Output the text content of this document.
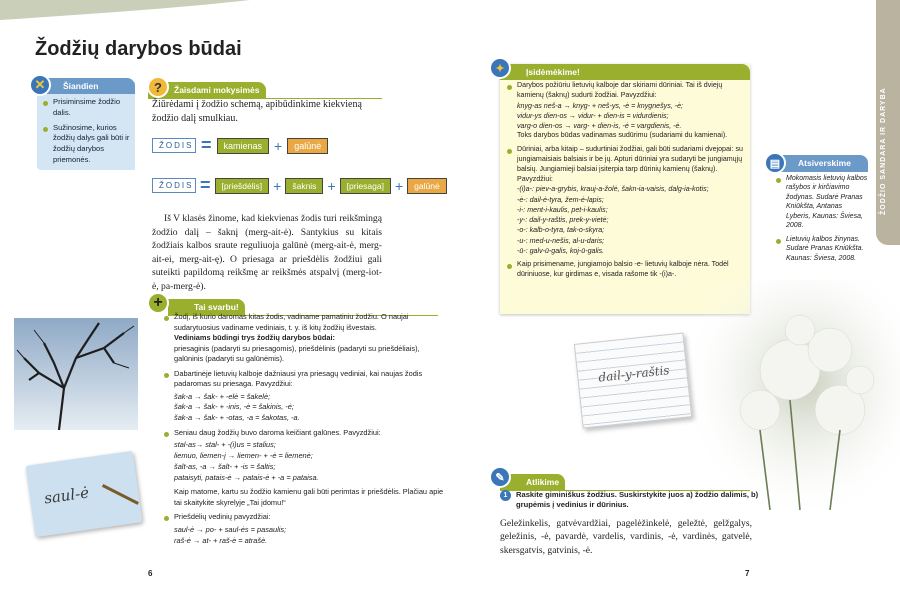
Žodžių darybos būdai
Šiandien
Prisiminsime žodžio dalis.
Sužinosime, kurios žodžių dalys gali būti ir žodžių darybos priemonės.
✕	Žaisdami mokysimės
?
Žiūrėdami į žodžio schemą, apibūdinkime kiekvieną žodžio dalį smulkiau.
ŽODIS =	kamienas +	galūnė
ŽODIS =	[priešdėlis] +	šaknis +	[priesaga] +	galūnė
Iš V klasės žinome, kad kiekvienas žodis turi reikšmingą žodžio dalį – šaknį (merg-ait-ė). Santykius su kitais žodžiais kalbos sraute reguliuoja galūnė (merg-ait-ė, merg-ait-ei, merg-ait-ę). O priesaga ar priešdėlis žodžiui gali suteikti papildomą reikšmę ar reikšmės atspalvį (merg-iot-ė, pa-merg-ė).
saul-ė
Tai svarbu!
+
Žodį, iš kurio daromas kitas žodis, vadiname pamatiniu žodžiu. O naujai sudarytuosius vadiname vediniais, t. y. iš kitų žodžių išvestais.
Vediniams būdingi trys žodžių darybos būdai:
priesaginis (padaryti su priesagomis), priešdėlinis (padaryti su priešdėliais), galūninis (padaryti su galūnėmis).
Dabartinėje lietuvių kalboje dažniausi yra priesagų vediniai, kai naujas žodis padaromas su priesaga. Pavyzdžiui:
šak-a → šak- + -elė = šakelė;
šak-a → šak- + -inis, -ė = šakinis, -ė;
šak-a → šak- + -otas, -a = šakotas, -a.
Seniau daug žodžių buvo daroma keičiant galūnes. Pavyzdžiui:
stal-as→ stal- + -(i)us = stalius;
liemuo, liemen-į → liemen- + -ė = liemenė;
šalt-as, -a → šalt- + -is = šaltis;
pataisyti, patais-ė → patais-ė + -a = pataisa.
Kaip matome, kartu su žodžio kamienu gali būti perimtas ir priešdėlis. Plačiau apie tai skaitykite skyrelyje „Tai įdomu!“
Priešdėlių vedinių pavyzdžiai:
saul-ė → po- + saul-ės = pasaulis;
raš-ė → at- + raš-ė = atrašė.
6
Įsidėmėkime!
Darybos požiūriu lietuvių kalboje dar skiriami dūriniai. Tai iš dviejų kamienų (šaknų) sudurti žodžiai. Pavyzdžiui:
knyg-as neš-a → knyg- + neš-ys, -ė = knygnešys, -ė;
vidur-ys dien-os → vidur- + dien-is = vidurdienis;
varg-o dien-os → varg- + dien-is, -ė = vargdienis, -ė.
Toks darybos būdas vadinamas sudūrimu (sudariami du kamienai).
Dūriniai, arba kitaip – sudurtiniai žodžiai, gali būti sudariami dvejopai: su jungiamaisiais balsiais ir be jų. Apturi dūriniai yra sudaryti be jungiamųjų balsių. Jungiamieji balsiai įsiterpia tarp dūrinių kamienų (šaknų). Pavyzdžiui:
-(i)a-: piev-a-grybis, krauj-a-žolė, šakn-ia-vaisis, dalg-ia-kotis;
-ė-: dail-ė-tyra, žem-ė-lapis;
-i-: ment-i-kaulis, pet-i-kaulis;
-y-: dail-y-raštis, prek-y-vietė;
-o-: kalb-o-tyra, tak-o-skyra;
-u-: med-u-nešis, al-u-daris;
-ū-: galv-ū-galis, koj-ū-galis.
Kaip prisimename, jungiamojo balsio -e- lietuvių kalboje nėra. Todėl dūriniuose, kur girdimas e, visada rašome tik -(i)a-.
✦
ŽODŽIO SANDARA IR DARYBA
Atsiverskime
▤
Mokomasis lietuvių kalbos rašybos ir kirčiavimo žodynas. Sudarė Pranas Kniūkšta, Antanas Lyberis, Kaunas: Šviesa, 2008.
Lietuvių kalbos žinynas. Sudarė Pranas Kniūkšta. Kaunas: Šviesa, 2008.
dail-y-raštis
Atlikime
✎
1	Raskite giminiškus žodžius. Suskirstykite juos a) žodžio dalimis, b) grupėmis į vedinius ir dūrinius.
Geležinkelis, gatvėvardžiai, pagelėžinkelė, geležtė, gelžgalys, geležinis, -ė, pavardė, vardelis, vardinis, -ė, vardinės, gatvelė, skersgatvis, gatvinis, -ė.
7
